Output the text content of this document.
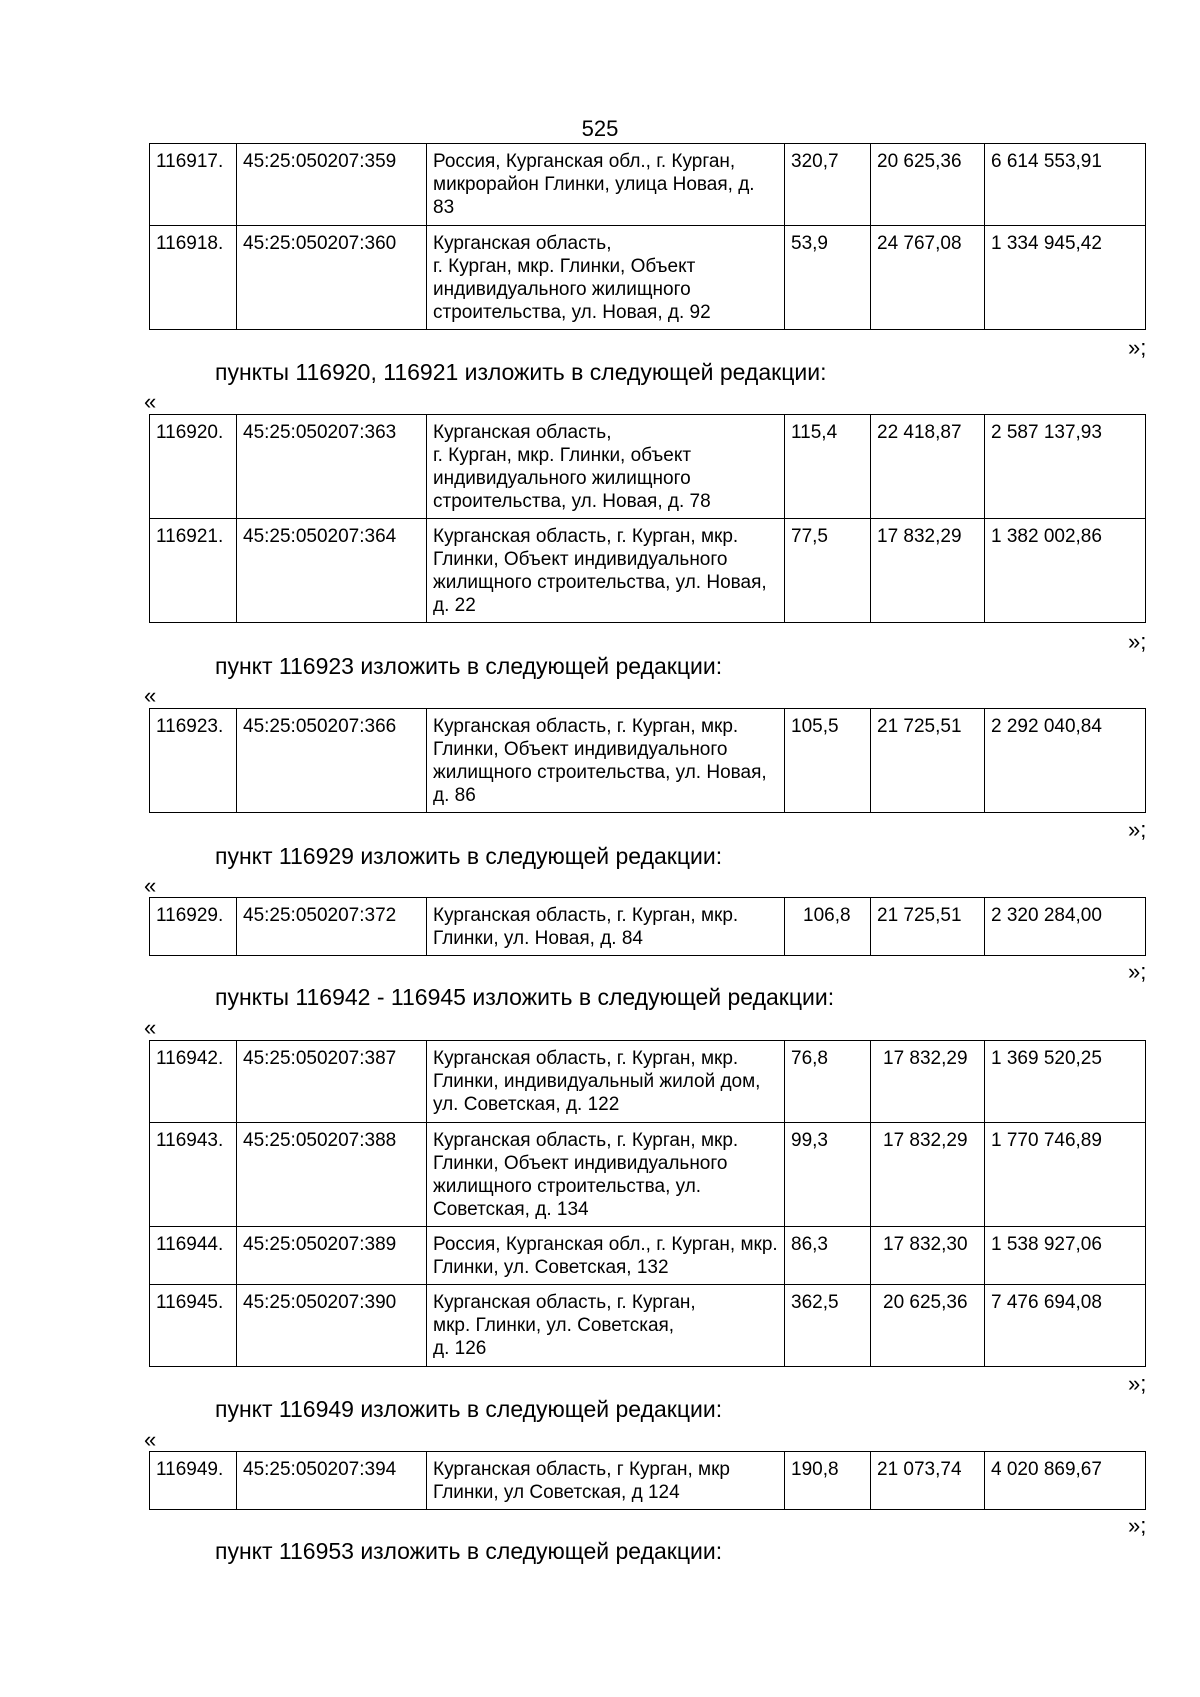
525
116917.	45:25:050207:359	Россия, Курганская обл., г. Курган, микрорайон Глинки, улица Новая, д. 83	320,7	20 625,36	6 614 553,91
116918.	45:25:050207:360	Курганская область,
г. Курган, мкр. Глинки, Объект индивидуального жилищного строительства, ул. Новая, д. 92	53,9	24 767,08	1 334 945,42
»;
пункты 116920, 116921 изложить в следующей редакции:
«
116920.	45:25:050207:363	Курганская область,
г. Курган, мкр. Глинки, объект индивидуального жилищного строительства, ул. Новая, д. 78	115,4	22 418,87	2 587 137,93
116921.	45:25:050207:364	Курганская область, г. Курган, мкр. Глинки, Объект индивидуального жилищного строительства, ул. Новая, д. 22	77,5	17 832,29	1 382 002,86
»;
пункт 116923 изложить в следующей редакции:
«
116923.	45:25:050207:366	Курганская область, г. Курган, мкр. Глинки, Объект индивидуального жилищного строительства, ул. Новая, д. 86	105,5	21 725,51	2 292 040,84
»;
пункт 116929 изложить в следующей редакции:
«
116929.	45:25:050207:372	Курганская область, г. Курган, мкр. Глинки, ул. Новая, д. 84	106,8	21 725,51	2 320 284,00
»;
пункты 116942 - 116945 изложить в следующей редакции:
«
116942.	45:25:050207:387	Курганская область, г. Курган, мкр. Глинки, индивидуальный жилой дом, ул. Советская, д. 122	76,8	17 832,29	1 369 520,25
116943.	45:25:050207:388	Курганская область, г. Курган, мкр. Глинки, Объект индивидуального жилищного строительства, ул. Советская, д. 134	99,3	17 832,29	1 770 746,89
116944.	45:25:050207:389	Россия, Курганская обл., г. Курган, мкр. Глинки, ул. Советская, 132	86,3	17 832,30	1 538 927,06
116945.	45:25:050207:390	Курганская область, г. Курган,
мкр. Глинки, ул. Советская,
д. 126	362,5	20 625,36	7 476 694,08
»;
пункт 116949 изложить в следующей редакции:
«
116949.	45:25:050207:394	Курганская область, г Курган, мкр Глинки, ул Советская, д 124	190,8	21 073,74	4 020 869,67
»;
пункт 116953 изложить в следующей редакции:
